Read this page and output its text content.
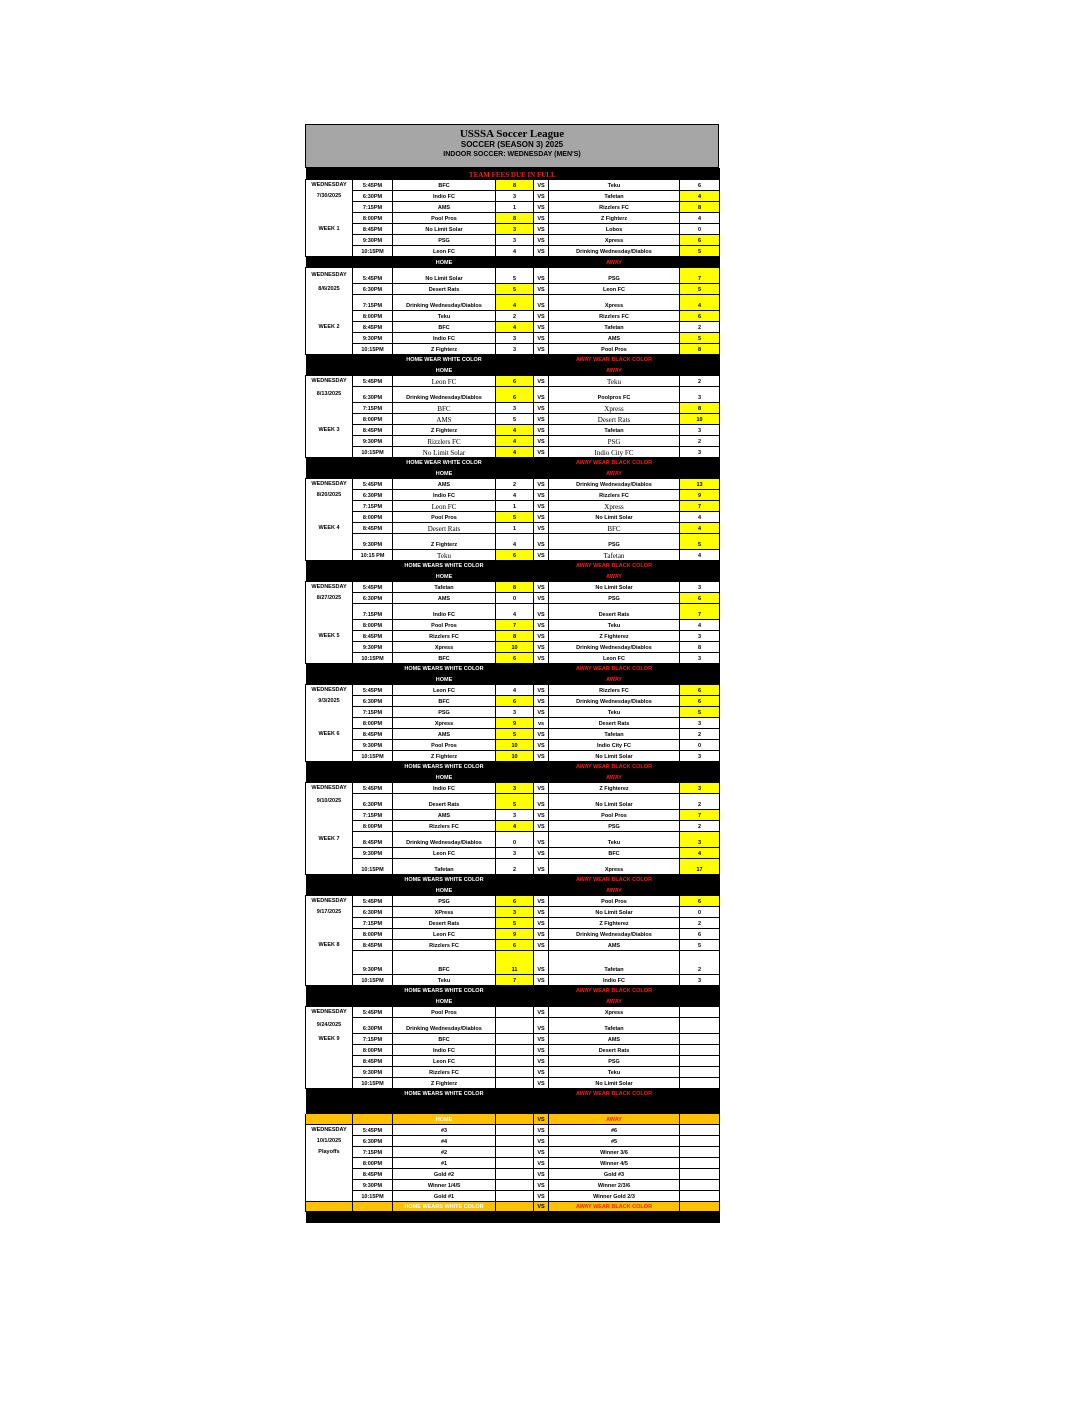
USSSA Soccer League
SOCCER (SEASON 3) 2025
INDOOR SOCCER: WEDNESDAY (MEN'S)
TEAM FEES DUE IN FULL						
WEDNESDAY	5:45PM	BFC	8	VS	Teku	6
7/30/2025	6:30PM	Indio FC	3	VS	Tafetan	4
	7:15PM	AMS	1	VS	Rizzlers FC	8
	8:00PM	Pool Pros	8	VS	Z Fighterz	4
WEEK 1	8:45PM	No Limit Solar	3	VS	Lobos	0
	9:30PM	PSG	3	VS	Xpress	6
	10:15PM	Leon FC	4	VS	Drinking Wednesday/Diablos	5
		HOME			AWAY	
WEDNESDAY	5:45PM	No Limit Solar	5	VS	PSG	7
8/6/2025	6:30PM	Desert Rats	5	VS	Leon FC	5
	7:15PM	Drinking Wednesday/Diablos	4	VS	Xpress	4
	8:00PM	Teku	2	VS	Rizzlers FC	6
WEEK 2	8:45PM	BFC	4	VS	Tafetan	2
	9:30PM	Indio FC	3	VS	AMS	5
	10:15PM	Z Fighterz	3	VS	Pool Pros	8
		HOME WEAR WHITE COLOR			AWAY WEAR BLACK COLOR	
		HOME			AWAY	
WEDNESDAY	5:45PM	Leon FC	6	VS	Teku	2
8/13/2025	6:30PM	Drinking Wednesday/Diablos	6	VS	Poolpros FC	3
	7:15PM	BFC	3	VS	Xpress	8
	8:00PM	AMS	5	VS	Desert Rats	10
WEEK 3	8:45PM	Z Fighterz	4	VS	Tafetan	3
	9:30PM	Rizzlers FC	4	VS	PSG	2
	10:15PM	No Limit Solar	4	VS	Indio City FC	3
		HOME WEAR WHITE COLOR			AWAY WEAR BLACK COLOR	
		HOME			AWAY	
WEDNESDAY	5:45PM	AMS	2	VS	Drinking Wednesday/Diablos	13
8/20/2025	6:30PM	Indio FC	4	VS	Rizzlers FC	9
	7:15PM	Leon FC	1	VS	Xpress	7
	8:00PM	Pool Pros	5	VS	No Limit Solar	4
WEEK 4	8:45PM	Desert Rats	1	VS	BFC	4
	9:30PM	Z Fighterz	4	VS	PSG	5
	10:15 PM	Teku	6	VS	Tafetan	4
		HOME WEARS WHITE COLOR			AWAY WEAR BLACK COLOR	
		HOME			AWAY	
WEDNESDAY	5:45PM	Tafetan	8	VS	No Limit Solar	3
8/27/2025	6:30PM	AMS	0	VS	PSG	6
	7:15PM	Indio FC	4	VS	Desert Rats	7
	8:00PM	Pool Pros	7	VS	Teku	4
WEEK 5	8:45PM	Rizzlers FC	8	VS	Z Fighterez	3
	9:30PM	Xpress	10	VS	Drinking Wednesday/Diablos	8
	10:15PM	BFC	6	VS	Leon FC	3
		HOME WEARS WHITE COLOR			AWAY WEAR BLACK COLOR	
		HOME			AWAY	
WEDNESDAY	5:45PM	Leon FC	4	VS	Rizzlers FC	6
9/3/2025	6:30PM	BFC	6	VS	Drinking Wednesday/Diablos	6
	7:15PM	PSG	3	VS	Teku	5
	8:00PM	Xpress	9	vs	Desert Rats	3
WEEK 6	8:45PM	AMS	5	VS	Tafetan	2
	9:30PM	Pool Pros	10	VS	Indio City FC	0
	10:15PM	Z Fighterz	10	VS	No Limit Solar	3
		HOME WEARS WHITE COLOR			AWAY WEAR BLACK COLOR	
		HOME			AWAY	
WEDNESDAY	5:45PM	Indio FC	3	VS	Z Fighterez	3
9/10/2025	6:30PM	Desert Rats	5	VS	No Limit Solar	2
	7:15PM	AMS	3	VS	Pool Pros	7
	8:00PM	Rizzlers FC	4	VS	PSG	2
WEEK 7	8:45PM	Drinking Wednesday/Diablos	0	VS	Teku	3
	9:30PM	Leon FC	3	VS	BFC	4
	10:15PM	Tafetan	2	VS	Xpress	17
		HOME WEARS WHITE COLOR			AWAY WEAR BLACK COLOR	
		HOME			AWAY	
WEDNESDAY	5:45PM	PSG	6	VS	Pool Pros	6
9/17/2025	6:30PM	XPress	3	VS	No Limit Solar	0
	7:15PM	Desert Rats	5	VS	Z Fighterez	2
	8:00PM	Leon FC	9	VS	Drinking Wednesday/Diablos	6
WEEK 8	8:45PM	Rizzlers FC	6	VS	AMS	5
	9:30PM	BFC	11	VS	Tafetan	2
	10:15PM	Teku	7	VS	Indio FC	3
		HOME WEARS WHITE COLOR			AWAY WEAR BLACK COLOR	
		HOME			AWAY	
WEDNESDAY	5:45PM	Pool Pros		VS	Xpress	
9/24/2025	6:30PM	Drinking Wednesday/Diablos		VS	Tafetan	
WEEK 9	7:15PM	BFC		VS	AMS	
	8:00PM	Indio FC		VS	Desert Rats	
	8:45PM	Leon FC		VS	PSG	
	9:30PM	Rizzlers FC		VS	Teku	
	10:15PM	Z Fighterz		VS	No Limit Solar	
		HOME WEARS WHITE COLOR			AWAY WEAR BLACK COLOR	

		HOME		VS	AWAY	
WEDNESDAY	5:45PM	#3		VS	#6	
10/1/2025	6:30PM	#4		VS	#5	
Playoffs	7:15PM	#2		VS	Winner 3/6	
	8:00PM	#1		VS	Winner 4/5	
	8:45PM	Gold #2		VS	Gold #3	
	9:30PM	Winner 1/4/5		VS	Winner 2/3/6	
	10:15PM	Gold #1		VS	Winner Gold 2/3	
		HOME WEARS WHITE COLOR		VS	AWAY WEAR BLACK COLOR	
